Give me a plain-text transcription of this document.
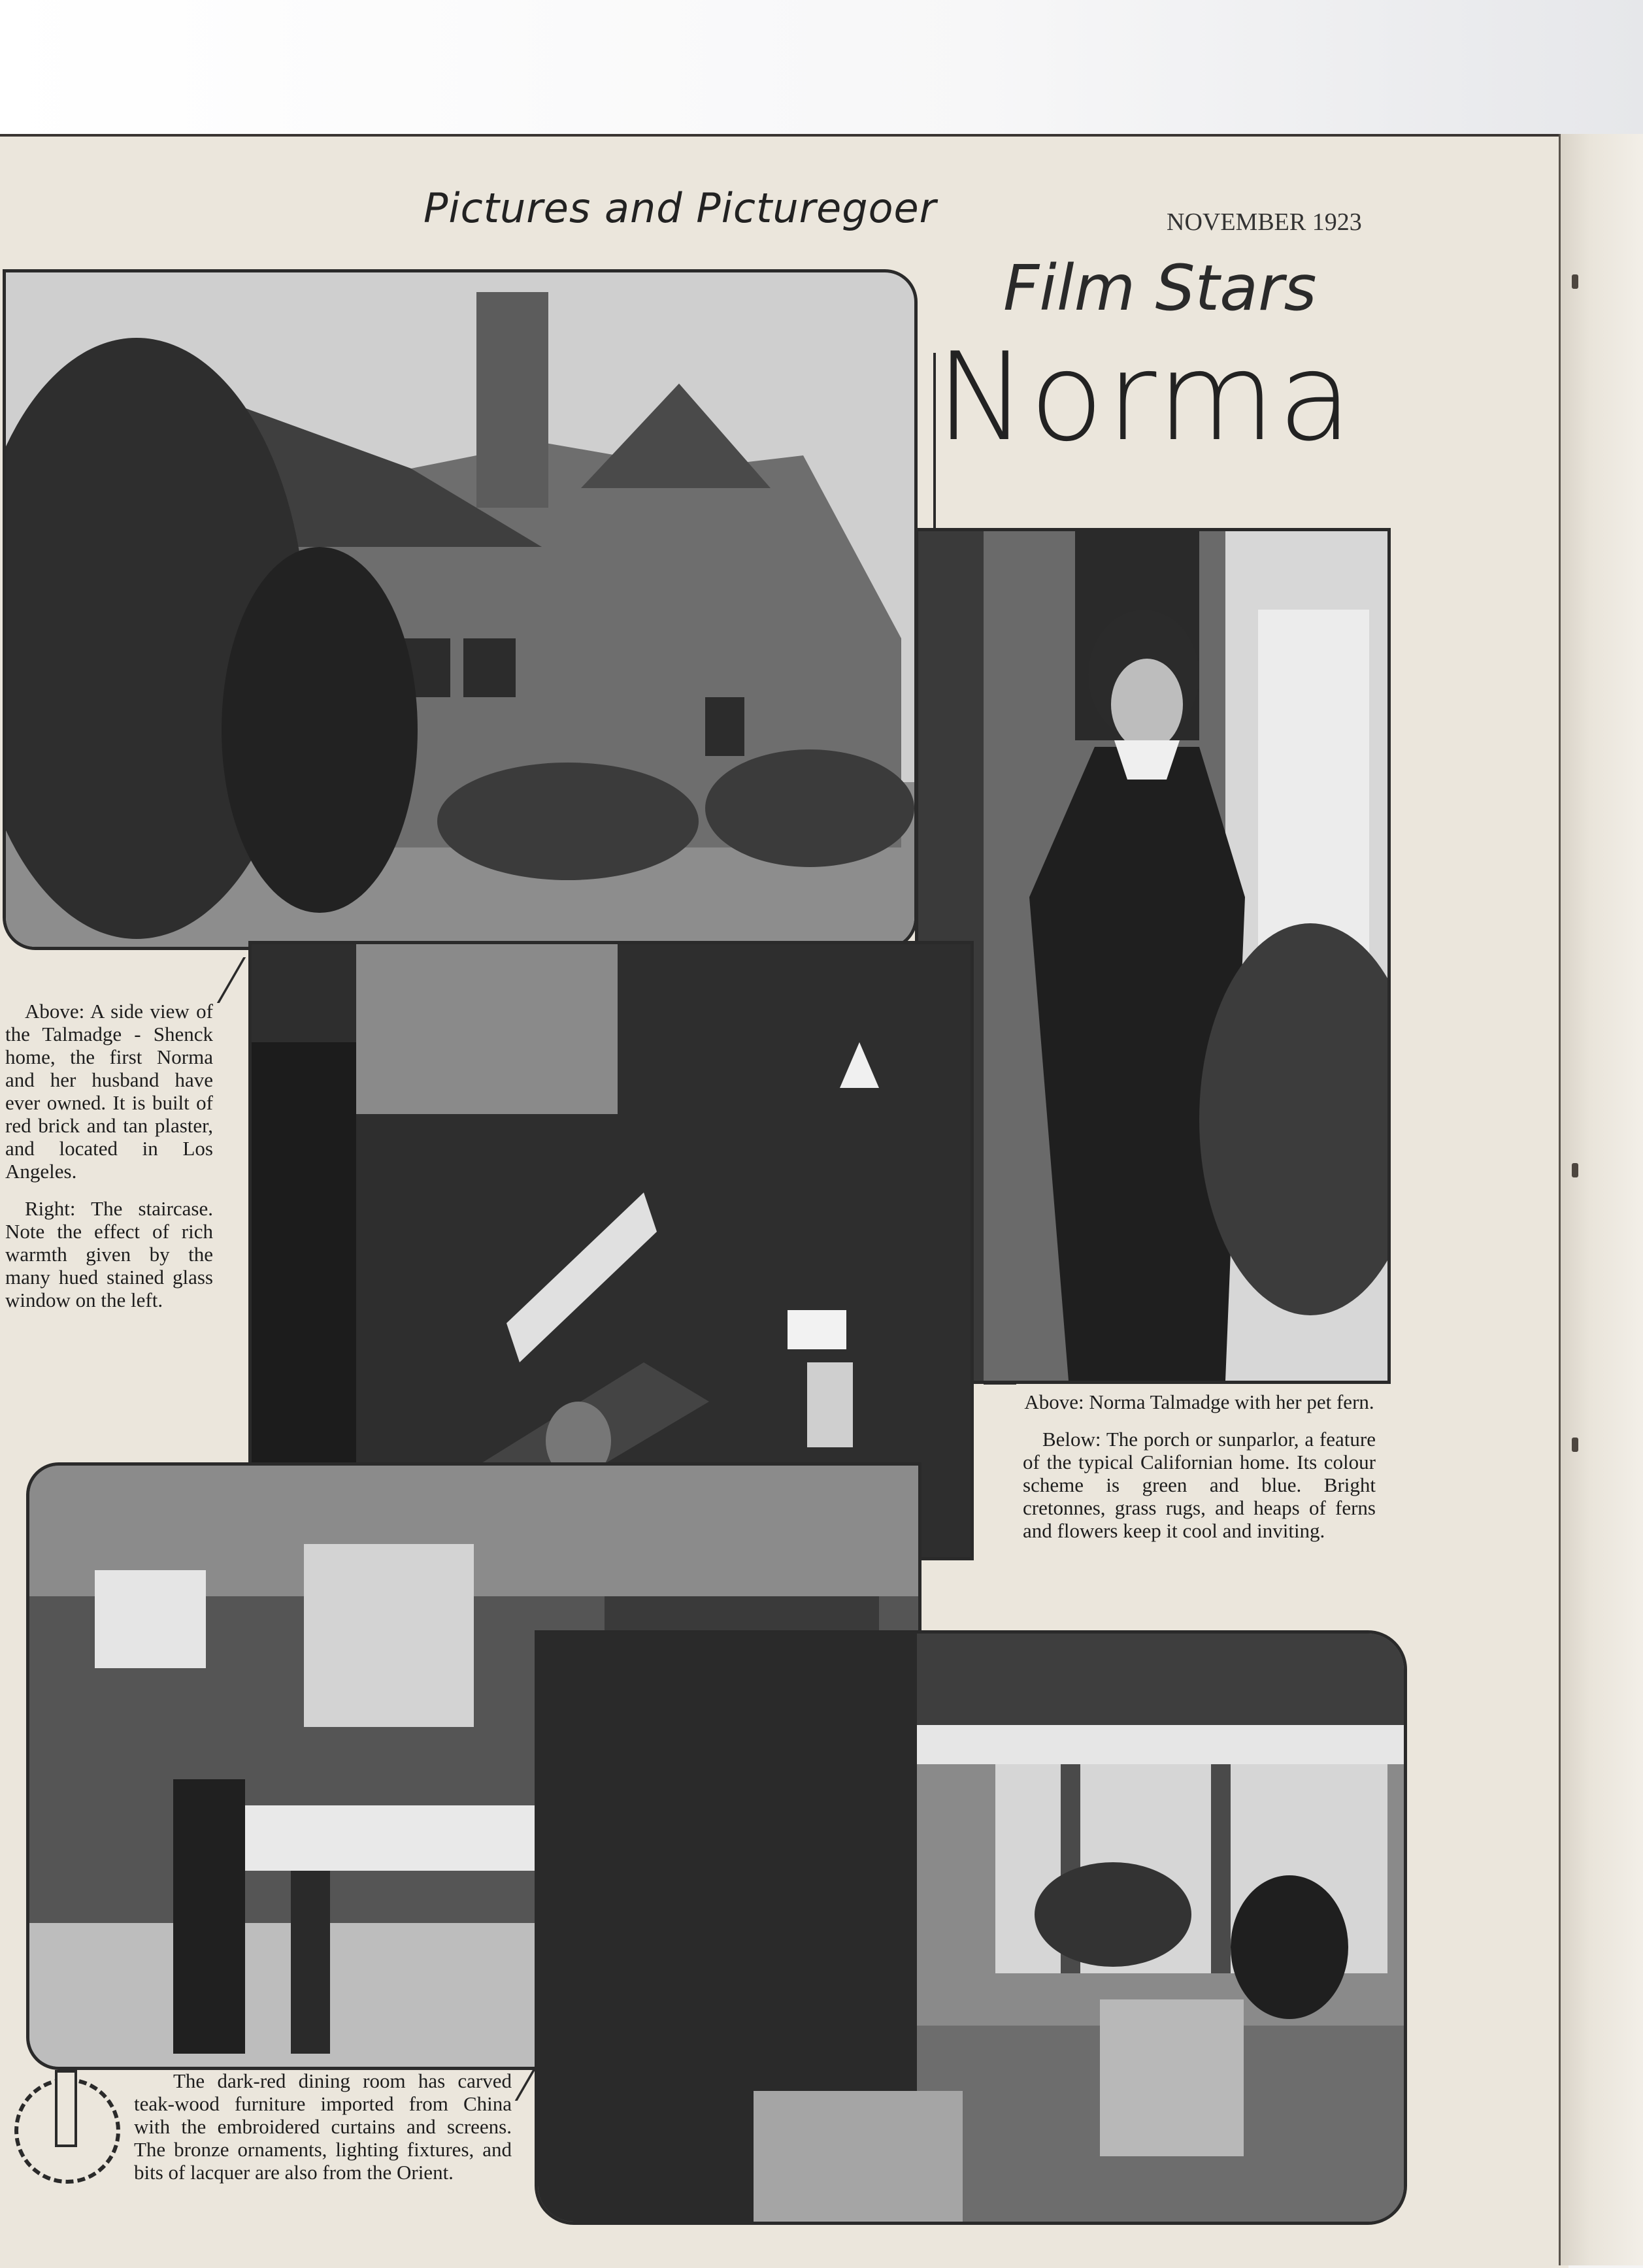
Pictures and Picturegoer	NOVEMBER 1923
Film Stars
Norma

Above: A side view of the Talmadge - Shenck home, the first Norma and her husband have ever owned. It is built of red brick and tan plaster, and located in Los Angeles.

Right: The staircase. Note the effect of rich warmth given by the many hued stained glass window on the left.

Above: Norma Talmadge with her pet fern.

Below: The porch or sunparlor, a feature of the typical Californian home. Its colour scheme is green and blue. Bright cretonnes, grass rugs, and heaps of ferns and flowers keep it cool and inviting.

The dark-red dining room has carved teak-wood furniture imported from China with the embroidered curtains and screens. The bronze ornaments, lighting fixtures, and bits of lacquer are also from the Orient.
